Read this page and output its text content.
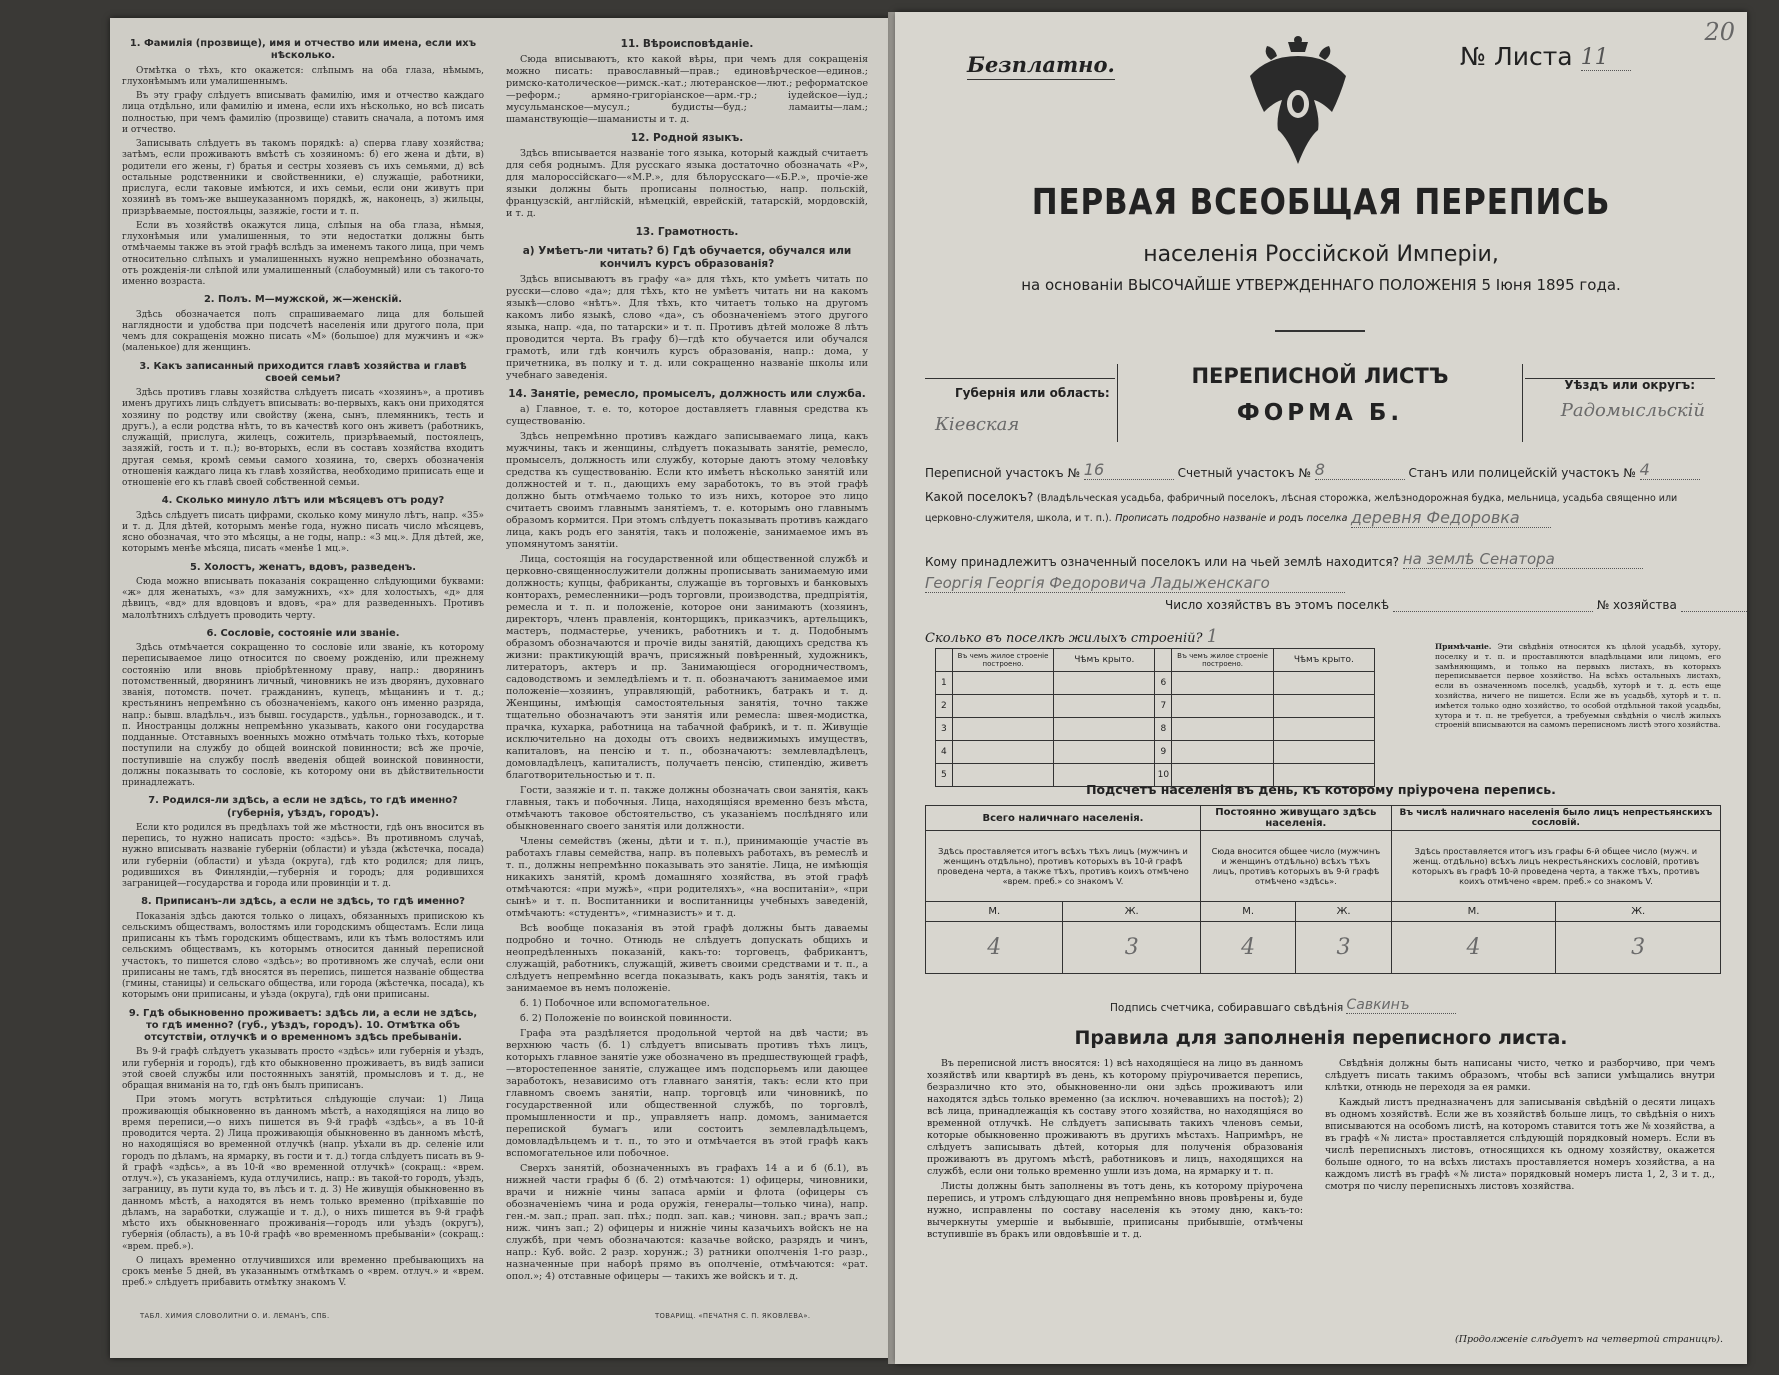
1. Фамилія (прозвище), имя и отчество или имена, если ихъ нѣсколько.

Отмѣтка о тѣхъ, кто окажется: слѣпымъ на оба глаза, нѣмымъ, глухонѣмымъ или умалишеннымъ.

Въ эту графу слѣдуетъ вписывать фамилію, имя и отчество каждаго лица отдѣльно, или фамилію и имена, если ихъ нѣсколько, но всѣ писать полностью, при чемъ фамилію (прозвище) ставить сначала, а потомъ имя и отчество.

Записывать слѣдуетъ въ такомъ порядкѣ: а) сперва главу хозяйства; затѣмъ, если проживаютъ вмѣстѣ съ хозяиномъ: б) его жена и дѣти, в) родители его жены, г) братья и сестры хозяевъ съ ихъ семьями, д) всѣ остальные родственники и свойственники, е) служащіе, работники, прислуга, если таковые имѣются, и ихъ семьи, если они живутъ при хозяинѣ въ томъ-же вышеуказанномъ порядкѣ, ж, наконецъ, з) жильцы, призрѣваемые, постояльцы, зазяжіе, гости и т. п.

Если въ хозяйствѣ окажутся лица, слѣпыя на оба глаза, нѣмыя, глухонѣмыя или умалишенныя, то эти недостатки должны быть отмѣчаемы также въ этой графѣ вслѣдъ за именемъ такого лица, при чемъ относительно слѣпыхъ и умалишенныхъ нужно непремѣнно обозначать, отъ рожденія-ли слѣпой или умалишенный (слабоумный) или съ такого-то именно возраста.

2. Полъ. М—мужской, ж—женскій.

Здѣсь обозначается полъ спрашиваемаго лица для большей наглядности и удобства при подсчетѣ населенія или другого пола, при чемъ для сокращенія можно писать «М» (большое) для мужчинъ и «ж» (маленькое) для женщинъ.

3. Какъ записанный приходится главѣ хозяйства и главѣ своей семьи?

Здѣсь противъ главы хозяйства слѣдуетъ писать «хозяинъ», а противъ именъ другихъ лицъ слѣдуетъ вписывать: во-первыхъ, какъ они приходятся хозяину по родству или свойству (жена, сынъ, племянникъ, тесть и другъ.), а если родства нѣтъ, то въ качествѣ кого онъ живетъ (работникъ, служащій, прислуга, жилецъ, сожитель, призрѣваемый, постоялецъ, зазяжій, гость и т. п.); во-вторыхъ, если въ составъ хозяйства входитъ другая семья, кромѣ семьи самого хозяина, то, сверхъ обозначенія отношенія каждаго лица къ главѣ хозяйства, необходимо приписать еще и отношеніе его къ главѣ своей собственной семьи.

4. Сколько минуло лѣтъ или мѣсяцевъ отъ роду?

Здѣсь слѣдуетъ писать цифрами, сколько кому минуло лѣтъ, напр. «35» и т. д. Для дѣтей, которымъ менѣе года, нужно писать число мѣсяцевъ, ясно обозначая, что это мѣсяцы, а не годы, напр.: «3 мц.». Для дѣтей, же, которымъ менѣе мѣсяца, писать «менѣе 1 мц.».

5. Холостъ, женатъ, вдовъ, разведенъ.

Сюда можно вписывать показанія сокращенно слѣдующими буквами: «ж» для женатыхъ, «з» для замужнихъ, «х» для холостыхъ, «д» для дѣвицъ, «вд» для вдовцовъ и вдовъ, «ра» для разведенныхъ. Противъ малолѣтнихъ слѣдуетъ проводить черту.

6. Сословіе, состояніе или званіе.

Здѣсь отмѣчается сокращенно то сословіе или званіе, къ которому переписываемое лицо относится по своему рожденію, или прежнему состоянію или вновь пріобрѣтенному праву, напр.: дворянинъ потомственный, дворянинъ личный, чиновникъ не изъ дворянъ, духовнаго званія, потомств. почет. гражданинъ, купецъ, мѣщанинъ и т. д.; крестьянинъ непремѣнно съ обозначеніемъ, какого онъ именно разряда, напр.: бывш. владѣльч., изъ бывш. государств., удѣльн., горнозаводск., и т. п. Иностранцы должны непремѣнно указывать, какого они государства подданные. Отставныхъ военныхъ можно отмѣчать только тѣхъ, которые поступили на службу до общей воинской повинности; всѣ же прочіе, поступившіе на службу послѣ введенія общей воинской повинности, должны показывать то сословіе, къ которому они въ дѣйствительности принадлежатъ.

7. Родился-ли здѣсь, а если не здѣсь, то гдѣ именно? (губернія, уѣздъ, городъ).

Если кто родился въ предѣлахъ той же мѣстности, гдѣ онъ вносится въ перепись, то нужно написать просто: «здѣсь». Въ противномъ случаѣ, нужно вписывать названіе губерніи (области) и уѣзда (жѣстечка, посада) или губерніи (области) и уѣзда (округа), гдѣ кто родился; для лицъ, родившихся въ Финляндіи,—губернія и городъ; для родившихся заграницей—государства и города или провинціи и т. д.

8. Приписанъ-ли здѣсь, а если не здѣсь, то гдѣ именно?

Показанія здѣсь даются только о лицахъ, обязанныхъ припискою къ сельскимъ обществамъ, волостямъ или городскимъ общестамъ. Если лица приписаны къ тѣмъ городскимъ обществамъ, или къ тѣмъ волостямъ или сельскимъ обществамъ, къ которымъ относится данный переписной участокъ, то пишется слово «здѣсь»; во противномъ же случаѣ, если они приписаны не тамъ, гдѣ вносятся въ перепись, пишется названіе общества (гмины, станицы) и сельскаго общества, или города (жѣстечка, посада), къ которымъ они приписаны, и уѣзда (округа), гдѣ они приписаны.

9. Гдѣ обыкновенно проживаетъ: здѣсь ли, а если не здѣсь, то гдѣ именно? (губ., уѣздъ, городъ). 10. Отмѣтка объ отсутствіи, отлучкѣ и о временномъ здѣсь пребываніи.

Въ 9-й графѣ слѣдуетъ указывать просто «здѣсь» или губернія и уѣздъ, или губернія и городъ), гдѣ кто обыкновенно проживаетъ, въ видѣ записи этой своей службы или постоянныхъ занятій, промысловъ и т. д., не обращая вниманія на то, гдѣ онъ былъ приписанъ.

При этомъ могутъ встрѣтиться слѣдующіе случаи: 1) Лица проживающія обыкновенно въ данномъ мѣстѣ, а находящіяся на лицо во время переписи,—о нихъ пишется въ 9-й графѣ «здѣсь», а въ 10-й проводится черта. 2) Лица проживающія обыкновенно въ данномъ мѣстѣ, но находящіяся во временной отлучкѣ (напр. уѣхали въ др. селеніе или городъ по дѣламъ, на ярмарку, въ гости и т. д.) тогда слѣдуетъ писать въ 9-й графѣ «здѣсь», а въ 10-й «во временной отлучкѣ» (сокращ.: «врем. отлуч.»), съ указаніемъ, куда отлучились, напр.: въ такой-то городъ, уѣздъ, заграницу, въ пути куда то, въ лѣсъ и т. д. 3) Не живущія обыкновенно въ данномъ мѣстѣ, а находятся въ немъ только временно (пріѣхавшіе по дѣламъ, на заработки, служащіе и т. д.), о нихъ пишется въ 9-й графѣ мѣсто ихъ обыкновеннаго проживанія—городъ или уѣздъ (округъ), губернія (область), а въ 10-й графѣ «во временномъ пребываніи» (сокращ.: «врем. преб.»).

О лицахъ временно отлучившихся или временно пребывающихъ на срокъ менѣе 5 дней, въ указаннымъ отмѣткамъ о «врем. отлуч.» и «врем. преб.» слѣдуетъ прибавить отмѣтку знакомъ V.

11. Вѣроисповѣданіе.

Сюда вписываютъ, кто какой вѣры, при чемъ для сокращенія можно писать: православный—прав.; единовѣрческое—единов.; римско-католическое—римск.-кат.; лютеранское—лют.; реформатское—реформ.; армяно-григоріанское—арм.-гр.; іудейское—іуд.; мусульманское—мусул.; будисты—буд.; ламаиты—лам.; шаманствующіе—шаманисты и т. д.

12. Родной языкъ.

Здѣсь вписывается названіе того языка, который каждый считаетъ для себя роднымъ. Для русскаго языка достаточно обозначать «Р», для малороссійскаго—«М.Р.», для бѣлорусскаго—«Б.Р.», прочіе-же языки должны быть прописаны полностью, напр. польскій, французскій, англійскій, нѣмецкій, еврейскій, татарскій, мордовскій, и т. д.

13. Грамотность.
а) Умѣетъ-ли читать? б) Гдѣ обучается, обучался или кончилъ курсъ образованія?

Здѣсь вписываютъ въ графу «а» для тѣхъ, кто умѣетъ читать по русски—слово «да»; для тѣхъ, кто не умѣетъ читать ни на какомъ языкѣ—слово «нѣтъ». Для тѣхъ, кто читаетъ только на другомъ какомъ либо языкѣ, слово «да», съ обозначеніемъ этого другого языка, напр. «да, по татарски» и т. п. Противъ дѣтей моложе 8 лѣтъ проводится черта. Въ графу б)—гдѣ кто обучается или обучался грамотѣ, или гдѣ кончилъ курсъ образованія, напр.: дома, у причетника, въ полку и т. д. или сокращенно названіе школы или учебнаго заведенія.

14. Занятіе, ремесло, промыселъ, должность или служба.

а) Главное, т. е. то, которое доставляетъ главныя средства къ существованію.

Здѣсь непремѣнно противъ каждаго записываемаго лица, какъ мужчины, такъ и женщины, слѣдуетъ показывать занятіе, ремесло, промыселъ, должность или службу, которые даютъ этому человѣку средства къ существованію. Если кто имѣетъ нѣсколько занятій или должностей и т. п., дающихъ ему заработокъ, то въ этой графѣ должно быть отмѣчаемо только то изъ нихъ, которое это лицо считаетъ своимъ главнымъ занятіемъ, т. е. которымъ оно главнымъ образомъ кормится. При этомъ слѣдуетъ показывать противъ каждаго лица, какъ родъ его занятія, такъ и положеніе, занимаемое имъ въ упомянутомъ занятіи.

Лица, состоящія на государственной или общественной службѣ и церковно-священнослужители должны прописывать занимаемую ими должность; купцы, фабриканты, служащіе въ торговыхъ и банковыхъ конторахъ, ремесленники—родъ торговли, производства, предпріятія, ремесла и т. п. и положеніе, которое они занимаютъ (хозяинъ, директоръ, членъ правленія, конторщикъ, приказчикъ, артельщикъ, мастеръ, подмастерье, ученикъ, работникъ и т. д. Подобнымъ образомъ обозначаются и прочіе виды занятій, дающихъ средства къ жизни: практикующій врачъ, присяжный повѣренный, художникъ, литераторъ, актеръ и пр. Занимающіеся огородничествомъ, садоводствомъ и земледѣліемъ и т. п. обозначаютъ занимаемое ими положеніе—хозяинъ, управляющій, работникъ, батракъ и т. д. Женщины, имѣющія самостоятельныя занятія, точно также тщательно обозначаютъ эти занятія или ремесла: швея-модистка, прачка, кухарка, работница на табачной фабрикѣ, и т. п. Живущіе исключительно на доходы отъ своихъ недвижимыхъ имуществъ, капиталовъ, на пенсію и т. п., обозначаютъ: землевладѣлецъ, домовладѣлецъ, капиталистъ, получаетъ пенсію, стипендію, живетъ благотворительностью и т. п.

Гости, зазяжіе и т. п. также должны обозначать свои занятія, какъ главныя, такъ и побочныя. Лица, находящіяся временно безъ мѣста, отмѣчаютъ таковое обстоятельство, съ указаніемъ послѣдняго или обыкновеннаго своего занятія или должности.

Члены семействъ (жены, дѣти и т. п.), принимающіе участіе въ работахъ главы семейства, напр. въ полевыхъ работахъ, въ ремеслѣ и т. п., должны непремѣнно показывать это занятіе. Лица, не имѣющія никакихъ занятій, кромѣ домашняго хозяйства, въ этой графѣ отмѣчаются: «при мужѣ», «при родителяхъ», «на воспитаніи», «при сынѣ» и т. п. Воспитанники и воспитанницы учебныхъ заведеній, отмѣчаютъ: «студентъ», «гимназистъ» и т. д.

Всѣ вообще показанія въ этой графѣ должны быть даваемы подробно и точно. Отнюдь не слѣдуетъ допускать общихъ и неопредѣленныхъ показаній, какъ-то: торговецъ, фабрикантъ, служащій, работникъ, служащій, живетъ своими средствами и т. п., а слѣдуетъ непремѣнно всегда показывать, какъ родъ занятія, такъ и занимаемое въ немъ положеніе.

б. 1) Побочное или вспомогательное.

б. 2) Положеніе по воинской повинности.

Графа эта раздѣляется продольной чертой на двѣ части; въ верхнюю часть (б. 1) слѣдуетъ вписывать противъ тѣхъ лицъ, которыхъ главное занятіе уже обозначено въ предшествующей графѣ,—второстепенное занятіе, служащее имъ подспорьемъ или дающее заработокъ, независимо отъ главнаго занятія, такъ: если кто при главномъ своемъ занятіи, напр. торговцѣ или чиновникѣ, по государственной или общественной службѣ, по торговлѣ, промышленности и пр., управляетъ напр. домомъ, занимается перепиской бумагъ или состоитъ землевладѣльцемъ, домовладѣльцемъ и т. п., то это и отмѣчается въ этой графѣ какъ вспомогательное или побочное.

Сверхъ занятій, обозначенныхъ въ графахъ 14 а и б (б.1), въ нижней части графы б (б. 2) отмѣчаются: 1) офицеры, чиновники, врачи и нижніе чины запаса арміи и флота (офицеры съ обозначеніемъ чина и рода оружія, генералы—только чина), напр. ген.-м. зап.; прап. зап. пѣх.; подп. зап. кав.; чиновн. зап.; врачъ зап.; ниж. чинъ зап.; 2) офицеры и нижніе чины казачьихъ войскъ не на службѣ, при чемъ обозначаются: казачье войско, разрядъ и чинъ, напр.: Куб. войс. 2 разр. хорунж.; 3) ратники ополченія 1-го разр., назначенные при наборѣ прямо въ ополченіе, отмѣчаются: «рат. опол.»; 4) отставные офицеры — такихъ же войскъ и т. д.

ТАБЛ. ХИМИЯ СЛОВОЛИТНИ О. И. ЛЕМАНЪ, СПБ.	ТОВАРИЩ. «ПЕЧАТНЯ С. П. ЯКОВЛЕВА».
Безплатно.	№ Листа 11
20
ПЕРВАЯ ВСЕОБЩАЯ ПЕРЕПИСЬ
населенія Россійской Имперіи,
на основаніи ВЫСОЧАЙШЕ УТВЕРЖДЕННАГО ПОЛОЖЕНІЯ 5 Іюня 1895 года.
Губернія или область:
Кіевская
ПЕРЕПИСНОЙ ЛИСТЪ
ФОРМА Б.
Уѣздъ или округъ:
Радомысльскій
Переписной участокъ № 16	Счетный участокъ № 8	Станъ или полицейскій участокъ № 4
Какой поселокъ? (Владѣльческая усадьба, фабричный поселокъ, лѣсная сторожка, желѣзнодорожная будка, мельница, усадьба священно или церковно-служителя, школа, и т. п.). Прописать подробно названіе и родъ поселка деревня Федоровка
Кому принадлежитъ означенный поселокъ или на чьей землѣ находится? на землѣ Сенатора
Георгія Георгія Федоровича Ладыженскаго
Число хозяйствъ въ этомъ поселкѣ	№ хозяйства
Сколько въ поселкѣ жилыхъ строеній? 1
	Въ чемъ жилое строеніе построено.	Чѣмъ крыто.		Въ чемъ жилое строеніе построено.	Чѣмъ крыто.
1			6		
2			7		
3			8		
4			9		
5			10		
Примѣчаніе. Эти свѣдѣнія относятся къ цѣлой усадьбѣ, хутору, поселку и т. п. и проставляются владѣльцами или лицомъ, его замѣняющимъ, и только на первыхъ листахъ, въ которыхъ переписывается первое хозяйство. На всѣхъ остальныхъ листахъ, если въ означенномъ поселкѣ, усадьбѣ, хуторѣ и т. д. есть еще хозяйства, ничего не пишется. Если же въ усадьбѣ, хуторѣ и т. п. имѣется только одно хозяйство, то особой отдѣльной такой усадьбы, хутора и т. п. не требуется, а требуемыя свѣдѣнія о числѣ жилыхъ строеній вписываются на самомъ переписномъ листѣ этого хозяйства.
Подсчетъ населенія въ день, къ которому пріурочена перепись.
Всего наличнаго населенія.		Постоянно живущаго здѣсь населенія.		Въ числѣ наличнаго населенія было лицъ непрестьянскихъ сословій.	
Здѣсь проставляется итогъ всѣхъ тѣхъ лицъ (мужчинъ и женщинъ отдѣльно), противъ которыхъ въ 10-й графѣ проведена черта, а также тѣхъ, противъ коихъ отмѣчено «врем. преб.» со знакомъ V.		Сюда вносится общее число (мужчинъ и женщинъ отдѣльно) всѣхъ тѣхъ лицъ, противъ которыхъ въ 9-й графѣ отмѣчено «здѣсь».		Здѣсь проставляется итогъ изъ графы 6-й общее число (мужч. и женщ. отдѣльно) всѣхъ лицъ некрестьянскихъ сословій, противъ которыхъ въ графѣ 10-й проведена черта, а также тѣхъ, противъ коихъ отмѣчено «врем. преб.» со знакомъ V.	
М.	Ж.	М.	Ж.	М.	Ж.
4	3	4	3	4	3
Подпись счетчика, собиравшаго свѣдѣнія Савкинъ
Правила для заполненія переписного листа.

Въ переписной листъ вносятся: 1) всѣ находящіеся на лицо въ данномъ хозяйствѣ или квартирѣ въ день, къ которому пріурочивается перепись, безразлично кто это, обыкновенно-ли они здѣсь проживаютъ или находятся здѣсь только временно (за исключ. ночевавшихъ на постоѣ); 2) всѣ лица, принадлежащія къ составу этого хозяйства, но находящіяся во временной отлучкѣ. Не слѣдуетъ записывать такихъ членовъ семьи, которые обыкновенно проживаютъ въ другихъ мѣстахъ. Напримѣръ, не слѣдуетъ записывать дѣтей, которыя для полученія образованія проживаютъ въ другомъ мѣстѣ, работниковъ и лицъ, находящихся на службѣ, если они только временно ушли изъ дома, на ярмарку и т. п.

Листы должны быть заполнены въ тотъ день, къ которому пріурочена перепись, и утромъ слѣдующаго дня непремѣнно вновь провѣрены и, буде нужно, исправлены по составу населенія къ этому дню, какъ-то: вычеркнуты умершіе и выбывшіе, приписаны прибывшіе, отмѣчены вступившіе въ бракъ или овдовѣвшіе и т. д.

Свѣдѣнія должны быть написаны чисто, четко и разборчиво, при чемъ слѣдуетъ писать такимъ образомъ, чтобы всѣ записи умѣщались внутри клѣтки, отнюдь не переходя за ея рамки.

Каждый листъ предназначенъ для записыванія свѣдѣній о десяти лицахъ въ одномъ хозяйствѣ. Если же въ хозяйствѣ больше лицъ, то свѣдѣнія о нихъ вписываются на особомъ листѣ, на которомъ ставится тотъ же № хозяйства, а въ графѣ «№ листа» проставляется слѣдующій порядковый номеръ. Если въ числѣ переписныхъ листовъ, относящихся къ одному хозяйству, окажется больше одного, то на всѣхъ листахъ проставляется номеръ хозяйства, а на каждомъ листѣ въ графѣ «№ листа» порядковый номеръ листа 1, 2, 3 и т. д., смотря по числу переписныхъ листовъ хозяйства.

(Продолженіе слѣдуетъ на четвертой страницѣ).
